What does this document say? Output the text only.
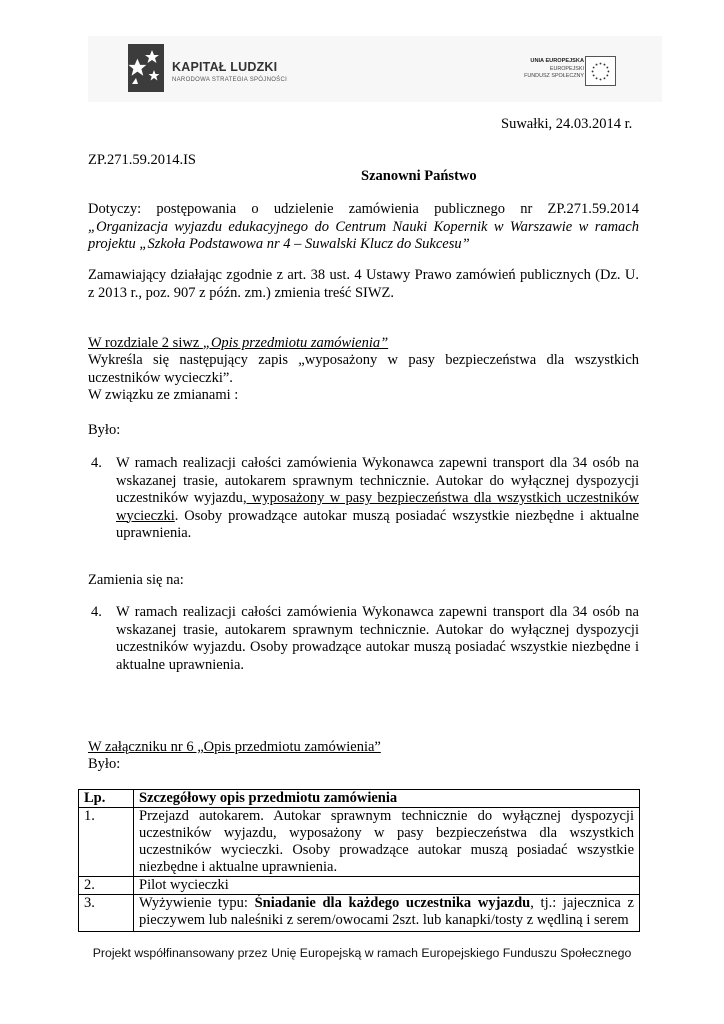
KAPITAŁ LUDZKI
NARODOWA STRATEGIA SPÓJNOŚCI
UNIA EUROPEJSKA
EUROPEJSKI
FUNDUSZ SPOŁECZNY
Suwałki, 24.03.2014 r.
ZP.271.59.2014.IS
Szanowni Państwo
Dotyczy: postępowania o udzielenie zamówienia publicznego nr ZP.271.59.2014 „Organizacja wyjazdu edukacyjnego do Centrum Nauki Kopernik w Warszawie w ramach projektu „Szkoła Podstawowa nr 4 – Suwalski Klucz do Sukcesu”
Zamawiający działając zgodnie z art. 38 ust. 4 Ustawy Prawo zamówień publicznych (Dz. U. z 2013 r., poz. 907 z późn. zm.) zmienia treść SIWZ.
W rozdziale 2 siwz „Opis przedmiotu zamówienia”
Wykreśla się następujący zapis „wyposażony w pasy bezpieczeństwa dla wszystkich uczestników wycieczki”.
W związku ze zmianami :
Było:
4. W ramach realizacji całości zamówienia Wykonawca zapewni transport dla 34 osób na wskazanej trasie, autokarem sprawnym technicznie. Autokar do wyłącznej dyspozycji uczestników wyjazdu, wyposażony w pasy bezpieczeństwa dla wszystkich uczestników wycieczki. Osoby prowadzące autokar muszą posiadać wszystkie niezbędne i aktualne uprawnienia.
Zamienia się na:
4. W ramach realizacji całości zamówienia Wykonawca zapewni transport dla 34 osób na wskazanej trasie, autokarem sprawnym technicznie. Autokar do wyłącznej dyspozycji uczestników wyjazdu. Osoby prowadzące autokar muszą posiadać wszystkie niezbędne i aktualne uprawnienia.
W załączniku nr 6 „Opis przedmiotu zamówienia”
Było:
Lp.	Szczegółowy opis przedmiotu zamówienia
1.	Przejazd autokarem. Autokar sprawnym technicznie do wyłącznej dyspozycji uczestników wyjazdu, wyposażony w pasy bezpieczeństwa dla wszystkich uczestników wycieczki. Osoby prowadzące autokar muszą posiadać wszystkie niezbędne i aktualne uprawnienia.
2.	Pilot wycieczki
3.	Wyżywienie typu: Śniadanie dla każdego uczestnika wyjazdu, tj.: jajecznica z pieczywem lub naleśniki z serem/owocami 2szt. lub kanapki/tosty z wędliną i serem
Projekt współfinansowany przez Unię Europejską w ramach Europejskiego Funduszu Społecznego
